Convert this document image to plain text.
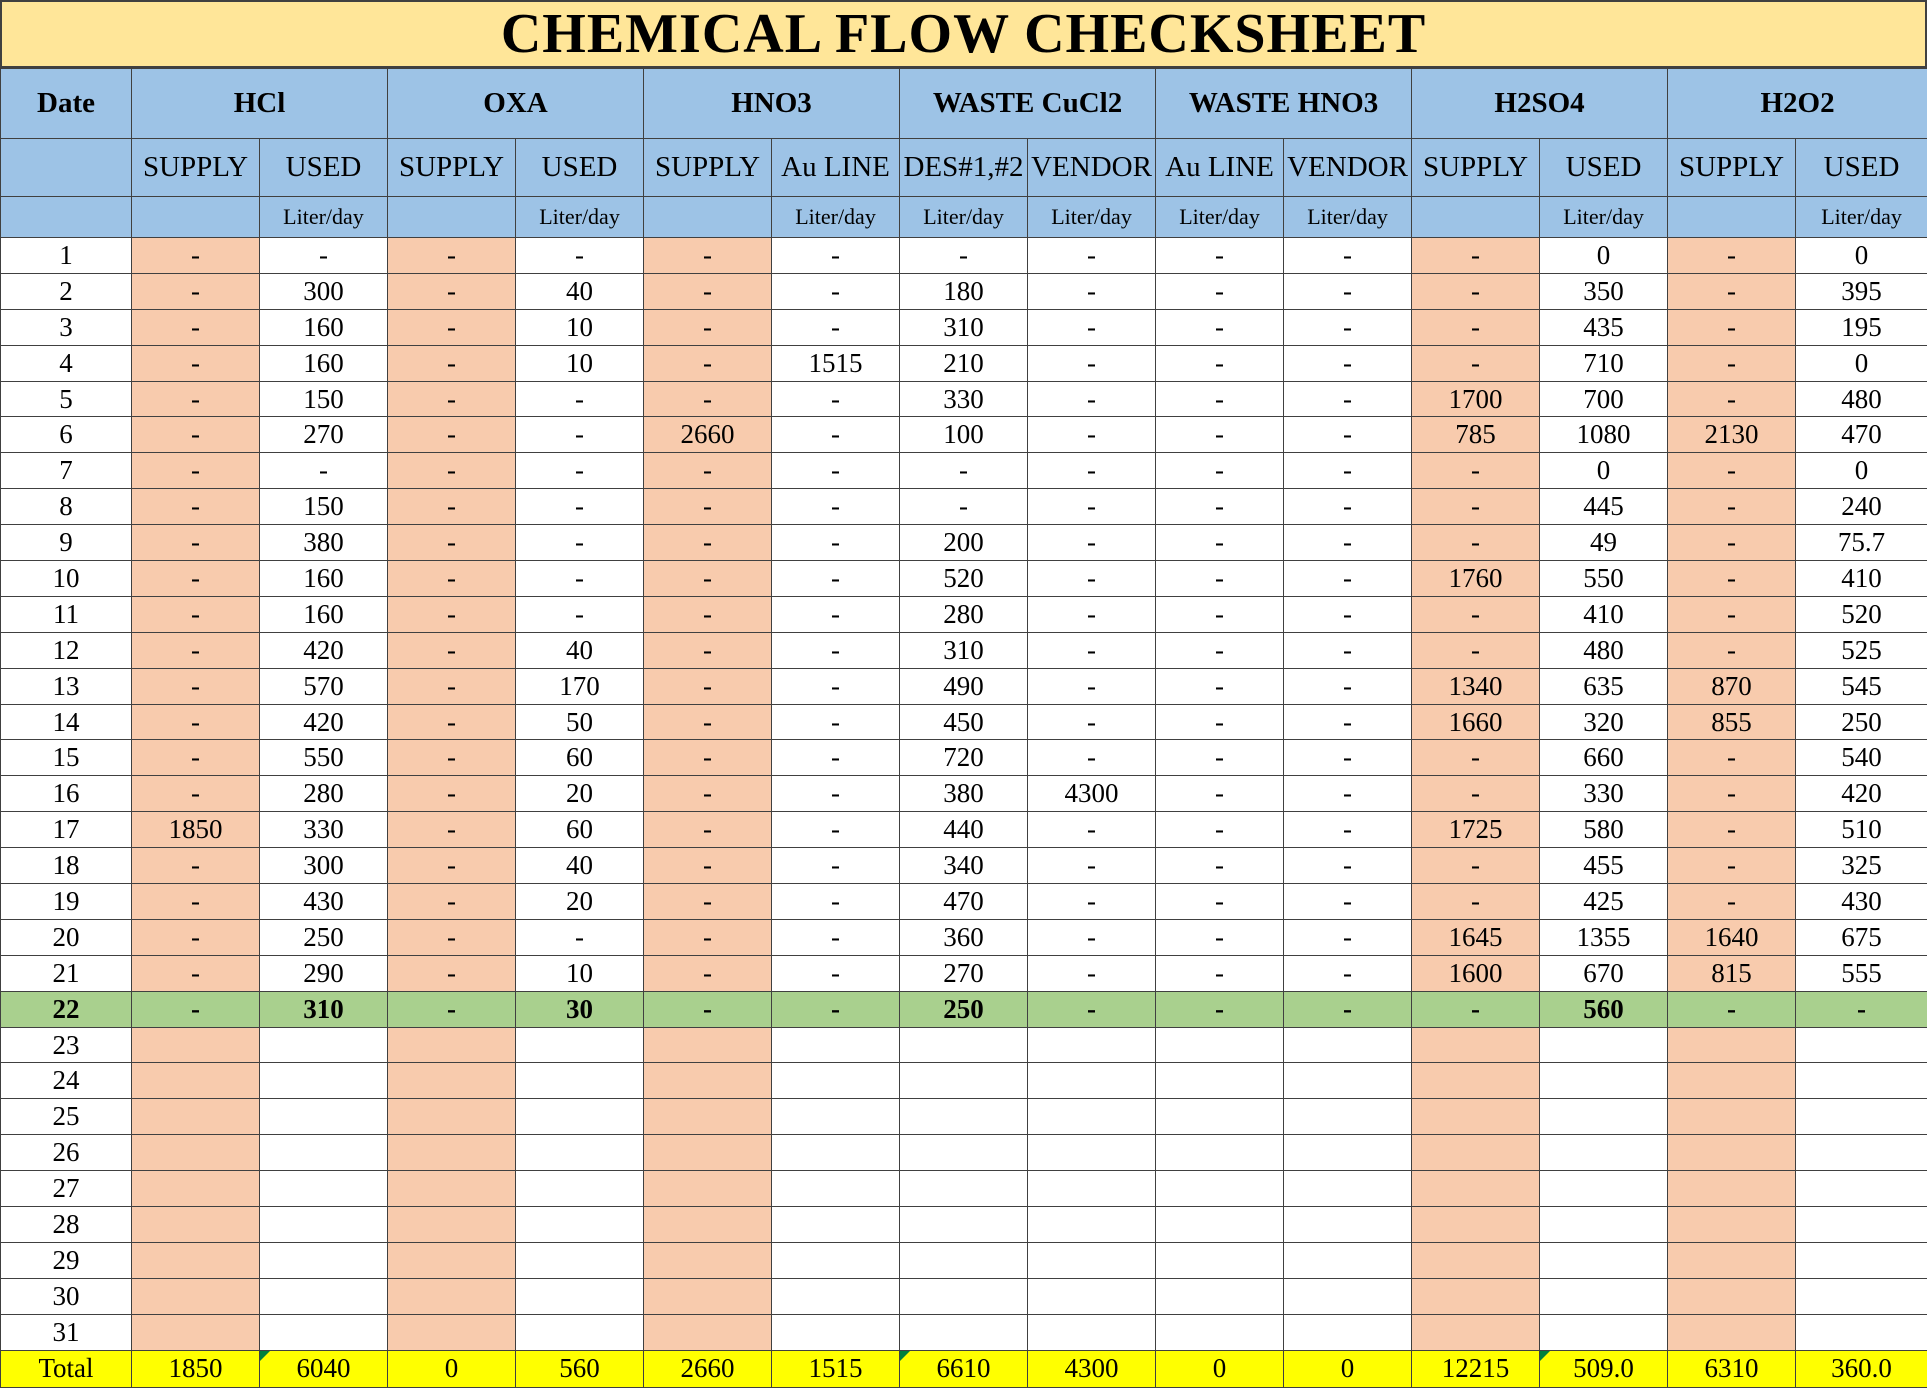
CHEMICAL FLOW CHECKSHEET
Date	HCl		OXA		HNO3		WASTE CuCl2		WASTE HNO3		H2SO4		H2O2	
	SUPPLY	USED	SUPPLY	USED	SUPPLY	Au LINE	DES#1,#2	VENDOR	Au LINE	VENDOR	SUPPLY	USED	SUPPLY	USED
		Liter/day		Liter/day		Liter/day	Liter/day	Liter/day	Liter/day	Liter/day		Liter/day		Liter/day
1	-	-	-	-	-	-	-	-	-	-	-	0	-	0
2	-	300	-	40	-	-	180	-	-	-	-	350	-	395
3	-	160	-	10	-	-	310	-	-	-	-	435	-	195
4	-	160	-	10	-	1515	210	-	-	-	-	710	-	0
5	-	150	-	-	-	-	330	-	-	-	1700	700	-	480
6	-	270	-	-	2660	-	100	-	-	-	785	1080	2130	470
7	-	-	-	-	-	-	-	-	-	-	-	0	-	0
8	-	150	-	-	-	-	-	-	-	-	-	445	-	240
9	-	380	-	-	-	-	200	-	-	-	-	49	-	75.7
10	-	160	-	-	-	-	520	-	-	-	1760	550	-	410
11	-	160	-	-	-	-	280	-	-	-	-	410	-	520
12	-	420	-	40	-	-	310	-	-	-	-	480	-	525
13	-	570	-	170	-	-	490	-	-	-	1340	635	870	545
14	-	420	-	50	-	-	450	-	-	-	1660	320	855	250
15	-	550	-	60	-	-	720	-	-	-	-	660	-	540
16	-	280	-	20	-	-	380	4300	-	-	-	330	-	420
17	1850	330	-	60	-	-	440	-	-	-	1725	580	-	510
18	-	300	-	40	-	-	340	-	-	-	-	455	-	325
19	-	430	-	20	-	-	470	-	-	-	-	425	-	430
20	-	250	-	-	-	-	360	-	-	-	1645	1355	1640	675
21	-	290	-	10	-	-	270	-	-	-	1600	670	815	555
22	-	310	-	30	-	-	250	-	-	-	-	560	-	-
23														
24														
25														
26														
27														
28														
29														
30														
31														
Total	1850	6040	0	560	2660	1515	6610	4300	0	0	12215	509.0	6310	360.0
